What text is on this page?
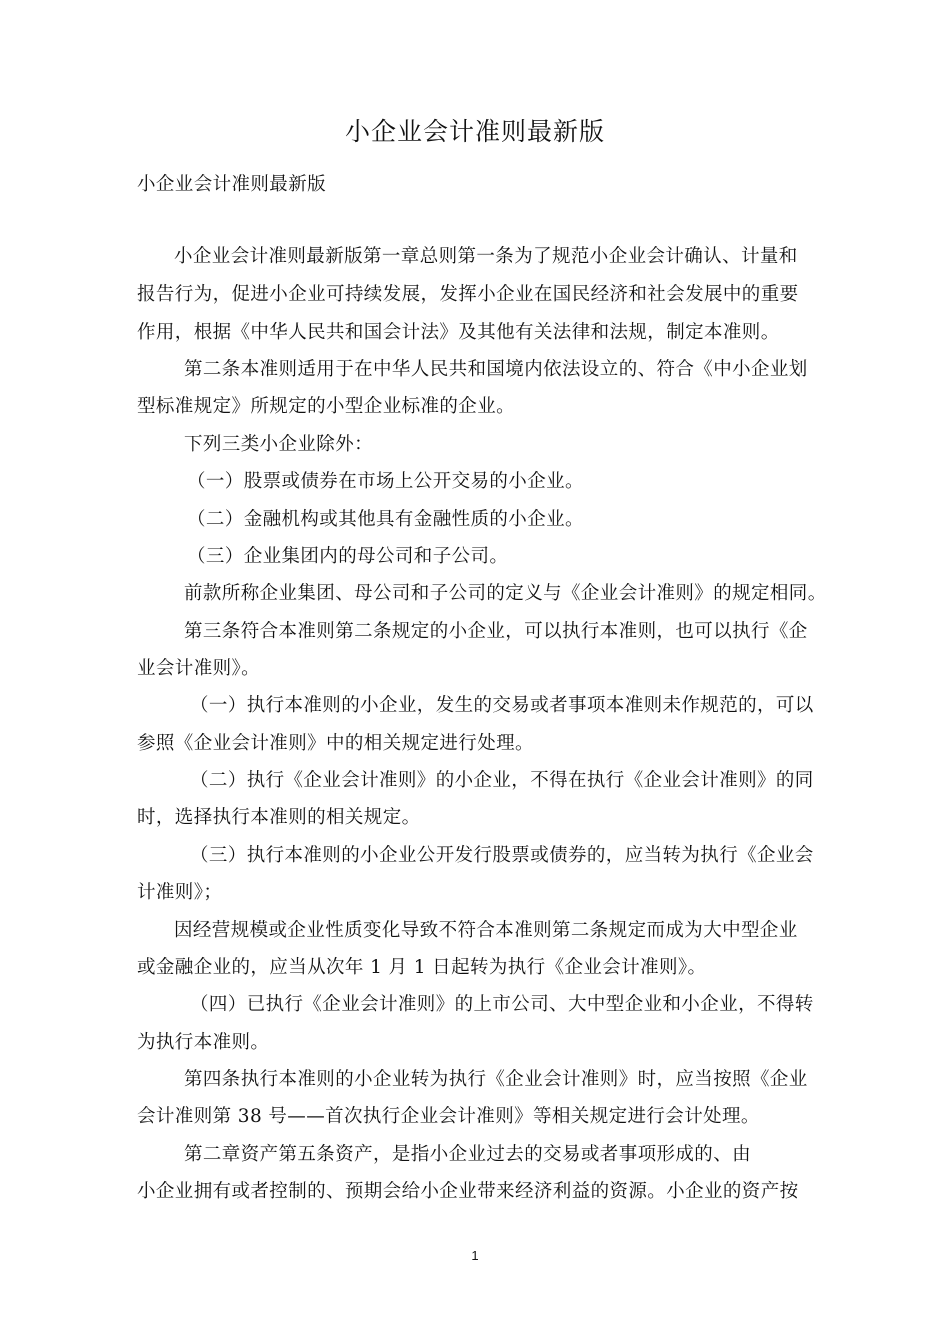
小企业会计准则最新版
小企业会计准则最新版
小企业会计准则最新版第一章总则第一条为了规范小企业会计确认、计量和
报告行为，促进小企业可持续发展，发挥小企业在国民经济和社会发展中的重要
作用，根据《中华人民共和国会计法》及其他有关法律和法规，制定本准则。
第二条本准则适用于在中华人民共和国境内依法设立的、符合《中小企业划
型标准规定》所规定的小型企业标准的企业。
下列三类小企业除外：
（一）股票或债券在市场上公开交易的小企业。
（二）金融机构或其他具有金融性质的小企业。
（三）企业集团内的母公司和子公司。
前款所称企业集团、母公司和子公司的定义与《企业会计准则》的规定相同。
第三条符合本准则第二条规定的小企业，可以执行本准则，也可以执行《企
业会计准则》。
（一）执行本准则的小企业，发生的交易或者事项本准则未作规范的，可以
参照《企业会计准则》中的相关规定进行处理。
（二）执行《企业会计准则》的小企业，不得在执行《企业会计准则》的同
时，选择执行本准则的相关规定。
（三）执行本准则的小企业公开发行股票或债券的，应当转为执行《企业会
计准则》；
因经营规模或企业性质变化导致不符合本准则第二条规定而成为大中型企业
或金融企业的，应当从次年 1 月 1 日起转为执行《企业会计准则》。
（四）已执行《企业会计准则》的上市公司、大中型企业和小企业，不得转
为执行本准则。
第四条执行本准则的小企业转为执行《企业会计准则》时，应当按照《企业
会计准则第 38 号——首次执行企业会计准则》等相关规定进行会计处理。
第二章资产第五条资产，是指小企业过去的交易或者事项形成的、由
小企业拥有或者控制的、预期会给小企业带来经济利益的资源。小企业的资产按
1
